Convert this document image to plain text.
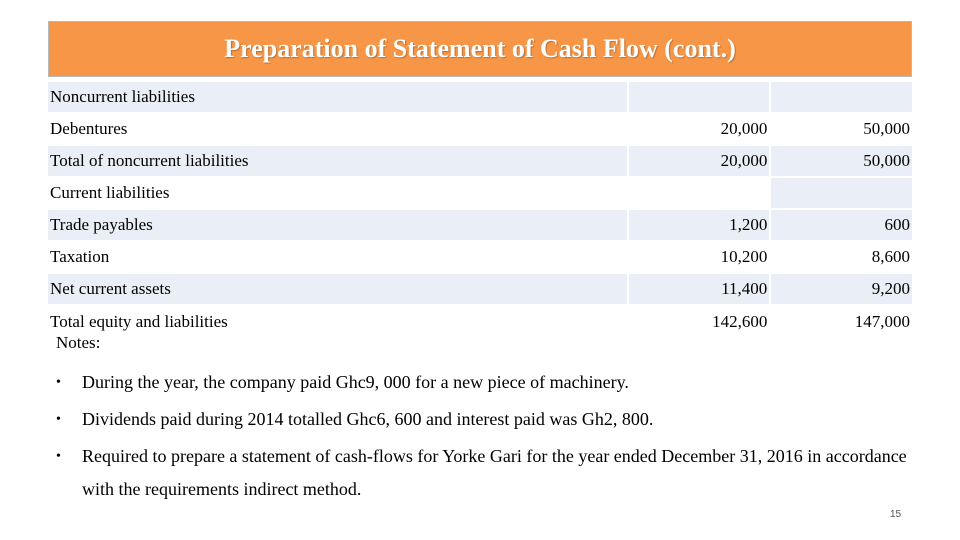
Preparation of Statement of Cash Flow (cont.)
Noncurrent liabilities				
Debentures		20,000		50,000
Total of noncurrent liabilities		20,000		50,000
Current liabilities				
Trade payables		1,200		600
Taxation		10,200		8,600
Net current assets		11,400		9,200
Total equity and liabilities		142,600		147,000
Notes:
• During the year, the company paid Ghc9, 000 for a new piece of machinery.
• Dividends paid during 2014 totalled Ghc6, 600 and interest paid was Gh2, 800.
• Required to prepare a statement of cash-flows for Yorke Gari for the year ended December 31, 2016 in accordance with the requirements indirect method.
15
